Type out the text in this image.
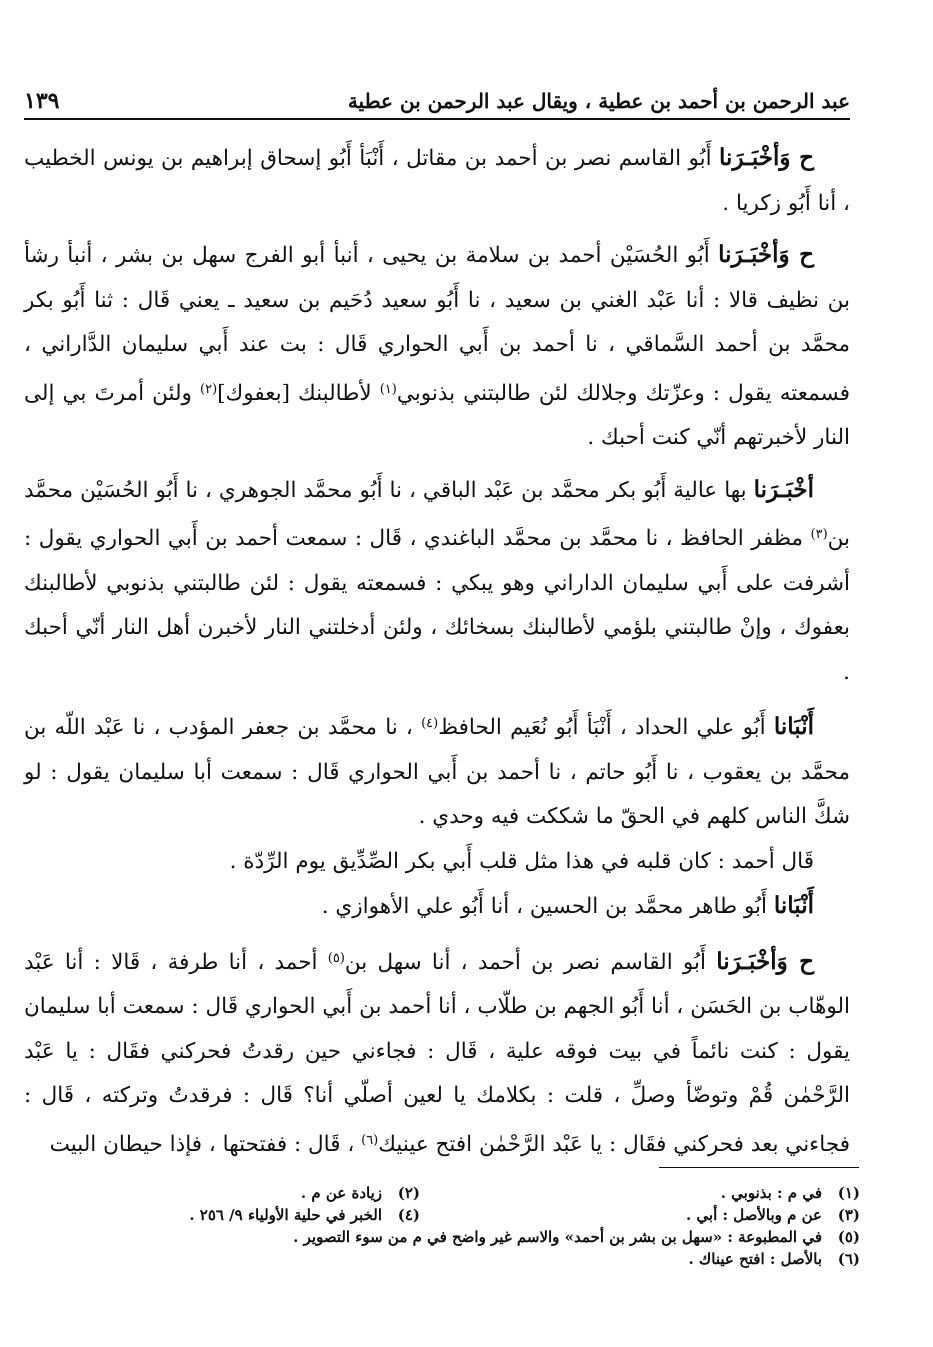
عبد الرحمن بن أحمد بن عطية ، ويقال عبد الرحمن بن عطية
١٣٩

ح وَأخْبَـرَنا أَبُو القاسم نصر بن أحمد بن مقاتل ، أَنْبَأ أَبُو إسحاق إبراهيم بن يونس الخطيب ، أنا أَبُو زكريا .

ح وَأخْبَـرَنا أَبُو الحُسَيْن أحمد بن سلامة بن يحيى ، أنبأ أبو الفرج سهل بن بشر ، أنبأ رشأ بن نظيف قالا : أنا عَبْد الغني بن سعيد ، نا أَبُو سعيد دُحَيم بن سعيد ـ يعني قَال : ثنا أَبُو بكر محمَّد بن أحمد السَّماقي ، نا أحمد بن أَبي الحواري قَال : بت عند أَبي سليمان الدَّاراني ، فسمعته يقول : وعزّتك وجلالك لئن طالبتني بذنوبي$^{(١)}$ لأطالبنك [بعفوك]$^{(٢)}$ ولئن أمرتَ بي إلى النار لأخبرتهم أنّي كنت أحبك .

أخْبَـرَنا بها عالية أَبُو بكر محمَّد بن عَبْد الباقي ، نا أَبُو محمَّد الجوهري ، نا أَبُو الحُسَيْن محمَّد بن$^{(٣)}$ مظفر الحافظ ، نا محمَّد بن محمَّد الباغندي ، قَال : سمعت أحمد بن أَبي الحواري يقول : أشرفت على أَبي سليمان الداراني وهو يبكي : فسمعته يقول : لئن طالبتني بذنوبي لأطالبنك بعفوك ، وإنْ طالبتني بلؤمي لأطالبنك بسخائك ، ولئن أدخلتني النار لأخبرن أهل النار أنّي أحبك .

أَنْبَانا أَبُو علي الحداد ، أَنْبَأ أَبُو نُعَيم الحافظ$^{(٤)}$ ، نا محمَّد بن جعفر المؤدب ، نا عَبْد اللّه بن محمَّد بن يعقوب ، نا أَبُو حاتم ، نا أحمد بن أَبي الحواري قَال : سمعت أبا سليمان يقول : لو شكَّ الناس كلهم في الحقّ ما شككت فيه وحدي .

قَال أحمد : كان قلبه في هذا مثل قلب أَبي بكر الصِّدِّيق يوم الرِّدّة .

أَنْبَانا أَبُو طاهر محمَّد بن الحسين ، أنا أَبُو علي الأهوازي .

ح وَأخْبَـرَنا أَبُو القاسم نصر بن أحمد ، أنا سهل بن$^{(٥)}$ أحمد ، أنا طرفة ، قَالا : أنا عَبْد الوهّاب بن الحَسَن ، أنا أَبُو الجهم بن طلّاب ، أنا أحمد بن أَبي الحواري قَال : سمعت أبا سليمان يقول : كنت نائماً في بيت فوقه علية ، قَال : فجاءني حين رقدتُ فحركني فقَال : يا عَبْد الرَّحْمٰن قُمْ وتوضّأ وصلِّ ، قلت : بكلامك يا لعين أصلّي أنا؟ قَال : فرقدتُ وتركته ، قَال : فجاءني بعد فحركني فقَال : يا عَبْد الرَّحْمٰن افتح عينيك$^{(٦)}$ ، قَال : ففتحتها ، فإذا حيطان البيت

(١)
في م : بذنوبي .
(٢)
زيادة عن م .
(٣)
عن م وبالأصل : أبي .
(٤)
الخبر في حلية الأولياء ٩/ ٢٥٦ .
(٥)
في المطبوعة : «سهل بن بشر بن أحمد» والاسم غير واضح في م من سوء التصوير .
(٦)
بالأصل : افتح عيناك .
